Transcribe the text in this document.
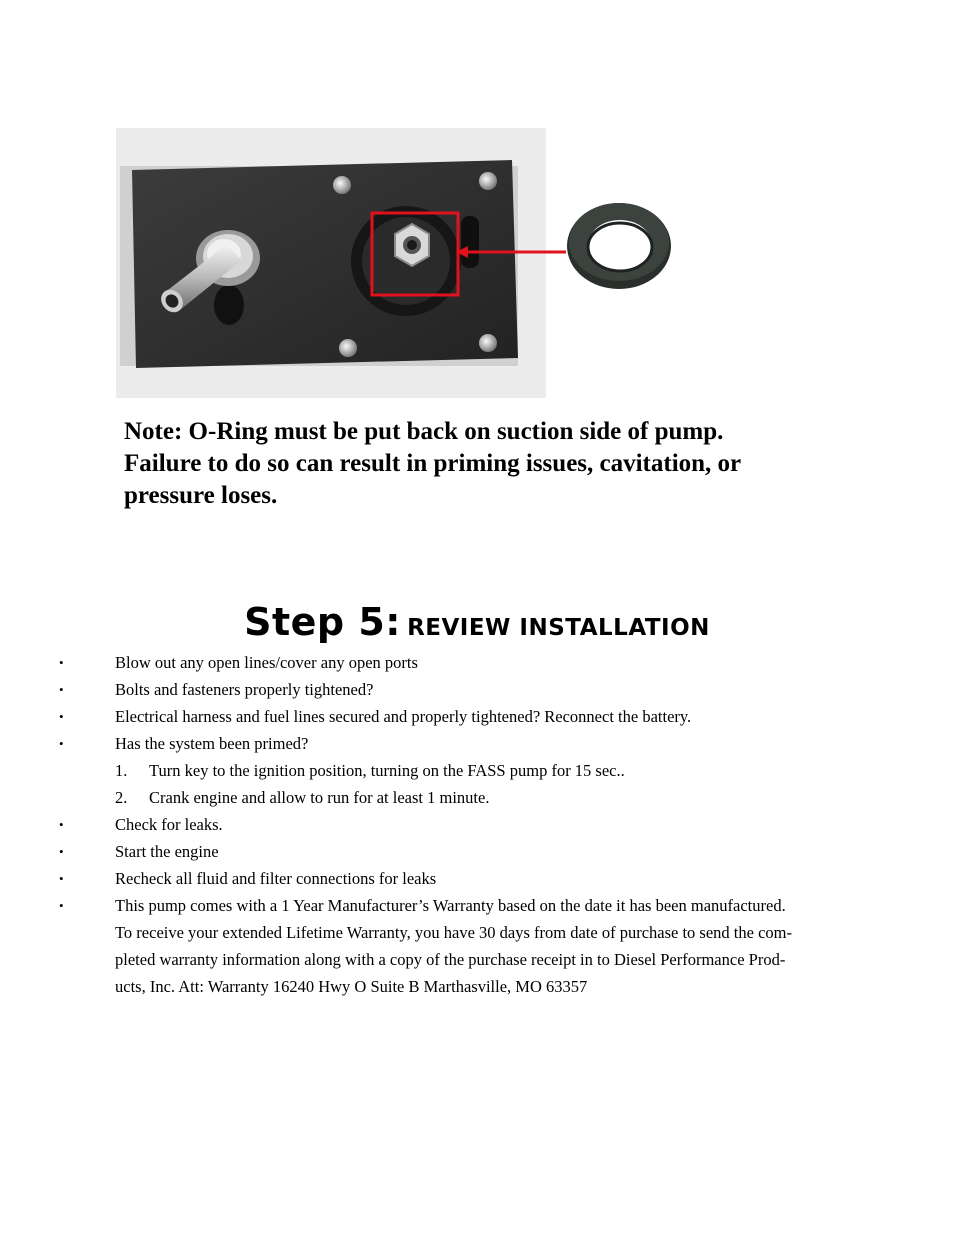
Note: O-Ring must be put back on suction side of pump.
Failure to do so can result in priming issues, cavitation, or
pressure loses.
Step 5: REVIEW INSTALLATION
•	Blow out any open lines/cover any open ports
•	Bolts and fasteners properly tightened?
•	Electrical harness and fuel lines secured and properly tightened? Reconnect the battery.
•	Has the system been primed?
1. Turn key to the ignition position, turning on the FASS pump for 15 sec..
2. Crank engine and allow to run for at least 1 minute.
•	Check for leaks.
•	Start the engine
•	Recheck all fluid and filter connections for leaks
•	This pump comes with a 1 Year Manufacturer’s Warranty based on the date it has been manufactured.
To receive your extended Lifetime Warranty, you have 30 days from date of purchase to send the com-
pleted warranty information along with a copy of the purchase receipt in to Diesel Performance Prod-
ucts, Inc. Att: Warranty 16240 Hwy O Suite B Marthasville, MO 63357
